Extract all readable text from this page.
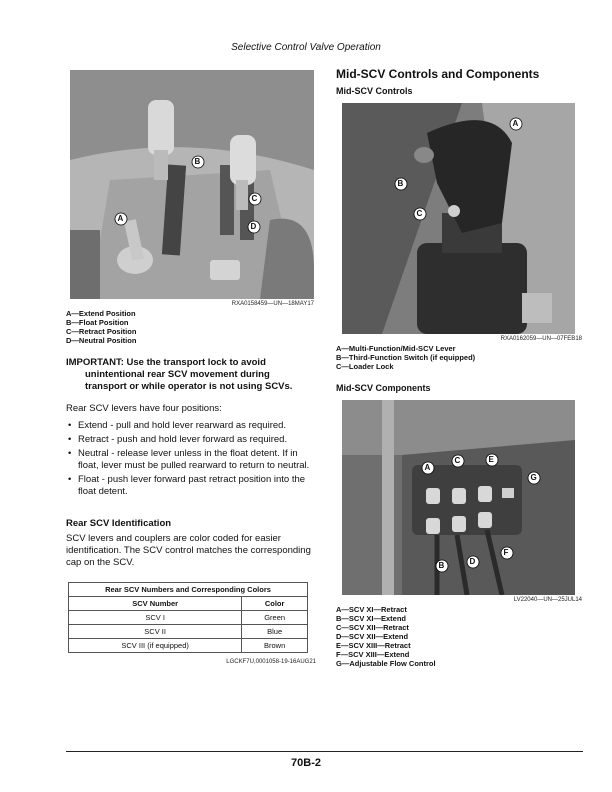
Selective Control Valve Operation
A
B
C
D
RXA0158459—UN—18MAY17
A—Extend Position
B—Float Position
C—Retract Position
D—Neutral Position
IMPORTANT: Use the transport lock to avoid
unintentional rear SCV movement during
transport or while operator is not using SCVs.
Rear SCV levers have four positions:
• Extend - pull and hold lever rearward as required.
• Retract - push and hold lever forward as required.
• Neutral - release lever unless in the float detent. If in float, lever must be pulled rearward to return to neutral.
• Float - push lever forward past retract position into the float detent.
Rear SCV Identification
SCV levers and couplers are color coded for easier identification. The SCV control matches the corresponding cap on the SCV.
Rear SCV Numbers and Corresponding Colors	
SCV Number	Color
SCV I	Green
SCV II	Blue
SCV III (if equipped)	Brown
LGCKF7U,0001058-19-16AUG21
Mid-SCV Controls and Components
Mid-SCV Controls
A
B
C
RXA0162059—UN—07FEB18
A—Multi-Function/Mid-SCV Lever
B—Third-Function Switch (if equipped)
C—Loader Lock
Mid-SCV Components
A
B
C
D
E
F
G
LV22040—UN—25JUL14
A—SCV XI—Retract
B—SCV XI—Extend
C—SCV XII—Retract
D—SCV XII—Extend
E—SCV XIII—Retract
F—SCV XIII—Extend
G—Adjustable Flow Control
70B-2
